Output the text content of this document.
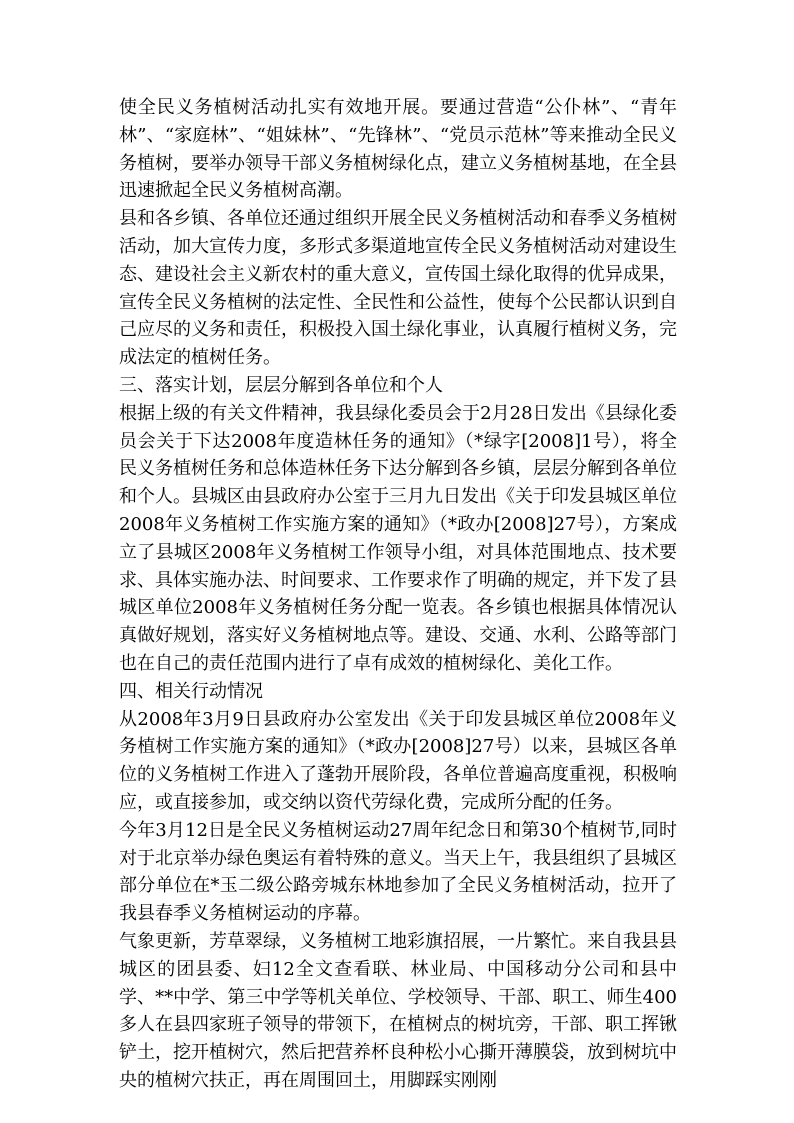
使全民义务植树活动扎实有效地开展。要通过营造“公仆林”、“青年林”、“家庭林”、“姐妹林”、“先锋林”、“党员示范林”等来推动全民义务植树，要举办领导干部义务植树绿化点，建立义务植树基地，在全县迅速掀起全民义务植树高潮。

县和各乡镇、各单位还通过组织开展全民义务植树活动和春季义务植树活动，加大宣传力度，多形式多渠道地宣传全民义务植树活动对建设生态、建设社会主义新农村的重大意义，宣传国土绿化取得的优异成果，宣传全民义务植树的法定性、全民性和公益性，使每个公民都认识到自己应尽的义务和责任，积极投入国土绿化事业，认真履行植树义务，完成法定的植树任务。

三、落实计划，层层分解到各单位和个人

根据上级的有关文件精神，我县绿化委员会于2月28日发出《县绿化委员会关于下达2008年度造林任务的通知》（*绿字[2008]1号），将全民义务植树任务和总体造林任务下达分解到各乡镇，层层分解到各单位和个人。县城区由县政府办公室于三月九日发出《关于印发县城区单位2008年义务植树工作实施方案的通知》（*政办[2008]27号），方案成立了县城区2008年义务植树工作领导小组，对具体范围地点、技术要求、具体实施办法、时间要求、工作要求作了明确的规定，并下发了县城区单位2008年义务植树任务分配一览表。各乡镇也根据具体情况认真做好规划，落实好义务植树地点等。建设、交通、水利、公路等部门也在自己的责任范围内进行了卓有成效的植树绿化、美化工作。

四、相关行动情况

从2008年3月9日县政府办公室发出《关于印发县城区单位2008年义务植树工作实施方案的通知》（*政办[2008]27号）以来，县城区各单位的义务植树工作进入了蓬勃开展阶段，各单位普遍高度重视，积极响应，或直接参加，或交纳以资代劳绿化费，完成所分配的任务。

今年3月12日是全民义务植树运动27周年纪念日和第30个植树节,同时对于北京举办绿色奥运有着特殊的意义。当天上午，我县组织了县城区部分单位在*玉二级公路旁城东林地参加了全民义务植树活动，拉开了我县春季义务植树运动的序幕。

气象更新，芳草翠绿，义务植树工地彩旗招展，一片繁忙。来自我县县城区的团县委、妇12全文查看联、林业局、中国移动分公司和县中学、**中学、第三中学等机关单位、学校领导、干部、职工、师生400多人在县四家班子领导的带领下，在植树点的树坑旁，干部、职工挥锹铲土，挖开植树穴，然后把营养杯良种松小心撕开薄膜袋，放到树坑中央的植树穴扶正，再在周围回土，用脚踩实刚刚
